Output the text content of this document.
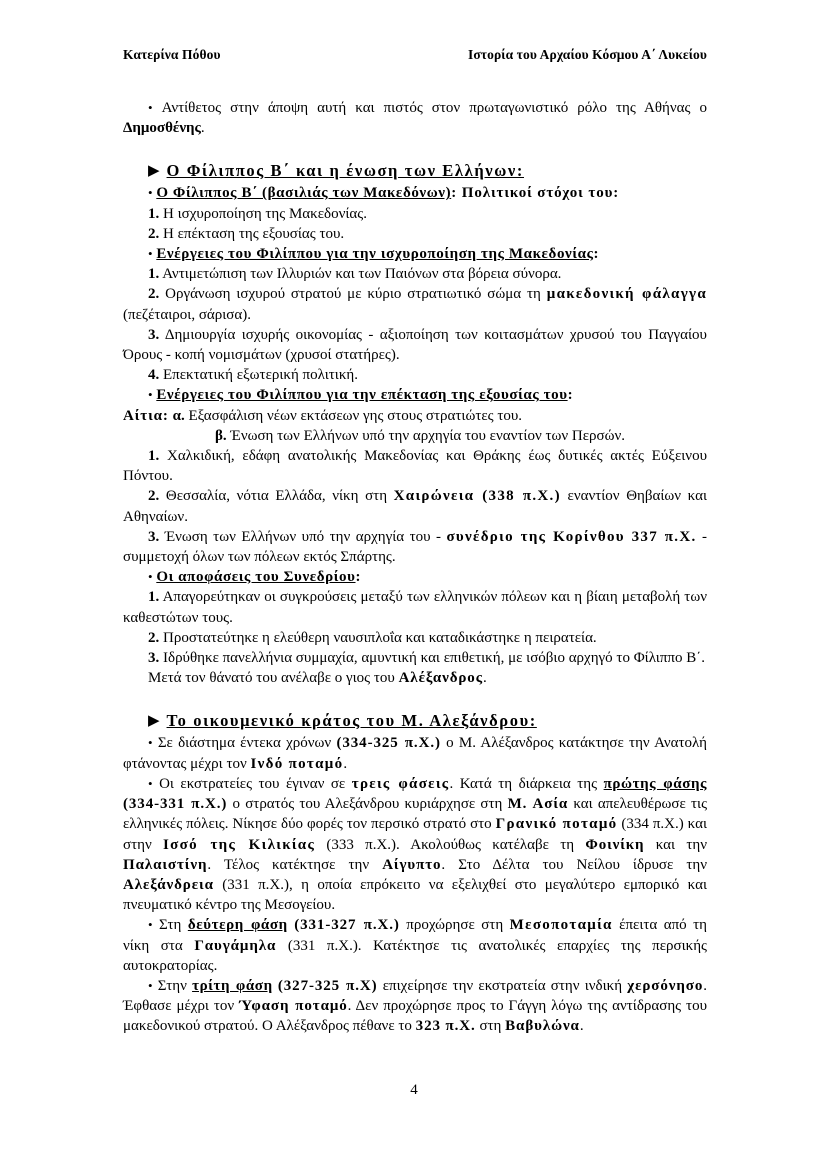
Κατερίνα Πόθου	Ιστορία του Αρχαίου Κόσμου Α΄ Λυκείου

• Αντίθετος στην άποψη αυτή και πιστός στον πρωταγωνιστικό ρόλο της Αθήνας ο Δημοσθένης.

▶ Ο Φίλιππος Β΄ και η ένωση των Ελλήνων:

• Ο Φίλιππος Β΄ (βασιλιάς των Μακεδόνων): Πολιτικοί στόχοι του:

1. Η ισχυροποίηση της Μακεδονίας.

2. Η επέκταση της εξουσίας του.

• Ενέργειες του Φιλίππου για την ισχυροποίηση της Μακεδονίας:

1. Αντιμετώπιση των Ιλλυριών και των Παιόνων στα βόρεια σύνορα.

2. Οργάνωση ισχυρού στρατού με κύριο στρατιωτικό σώμα τη μακεδονική φάλαγγα (πεζέταιροι, σάρισα).

3. Δημιουργία ισχυρής οικονομίας - αξιοποίηση των κοιτασμάτων χρυσού του Παγγαίου Όρους - κοπή νομισμάτων (χρυσοί στατήρες).

4. Επεκτατική εξωτερική πολιτική.

• Ενέργειες του Φιλίππου για την επέκταση της εξουσίας του:

Αίτια: α. Εξασφάλιση νέων εκτάσεων γης στους στρατιώτες του.

β. Ένωση των Ελλήνων υπό την αρχηγία του εναντίον των Περσών.

1. Χαλκιδική, εδάφη ανατολικής Μακεδονίας και Θράκης έως δυτικές ακτές Εύξεινου Πόντου.

2. Θεσσαλία, νότια Ελλάδα, νίκη στη Χαιρώνεια (338 π.Χ.) εναντίον Θηβαίων και Αθηναίων.

3. Ένωση των Ελλήνων υπό την αρχηγία του - συνέδριο της Κορίνθου 337 π.Χ. - συμμετοχή όλων των πόλεων εκτός Σπάρτης.

• Οι αποφάσεις του Συνεδρίου:

1. Απαγορεύτηκαν οι συγκρούσεις μεταξύ των ελληνικών πόλεων και η βίαιη μεταβολή των καθεστώτων τους.

2. Προστατεύτηκε η ελεύθερη ναυσιπλοΐα και καταδικάστηκε η πειρατεία.

3. Ιδρύθηκε πανελλήνια συμμαχία, αμυντική και επιθετική, με ισόβιο αρχηγό το Φίλιππο Β΄.

Μετά τον θάνατό του ανέλαβε ο γιος του Αλέξανδρος.

▶ Το οικουμενικό κράτος του Μ. Αλεξάνδρου:

• Σε διάστημα έντεκα χρόνων (334-325 π.Χ.) ο Μ. Αλέξανδρος κατάκτησε την Ανατολή φτάνοντας μέχρι τον Ινδό ποταμό.

• Οι εκστρατείες του έγιναν σε τρεις φάσεις. Κατά τη διάρκεια της πρώτης φάσης (334-331 π.Χ.) ο στρατός του Αλεξάνδρου κυριάρχησε στη Μ. Ασία και απελευθέρωσε τις ελληνικές πόλεις. Νίκησε δύο φορές τον περσικό στρατό στο Γρανικό ποταμό (334 π.Χ.) και στην Ισσό της Κιλικίας (333 π.Χ.). Ακολούθως κατέλαβε τη Φοινίκη και την Παλαιστίνη. Τέλος κατέκτησε την Αίγυπτο. Στο Δέλτα του Νείλου ίδρυσε την Αλεξάνδρεια (331 π.Χ.), η οποία επρόκειτο να εξελιχθεί στο μεγαλύτερο εμπορικό και πνευματικό κέντρο της Μεσογείου.

• Στη δεύτερη φάση (331-327 π.Χ.) προχώρησε στη Μεσοποταμία έπειτα από τη νίκη στα Γαυγάμηλα (331 π.Χ.). Κατέκτησε τις ανατολικές επαρχίες της περσικής αυτοκρατορίας.

• Στην τρίτη φάση (327-325 π.Χ) επιχείρησε την εκστρατεία στην ινδική χερσόνησο. Έφθασε μέχρι τον Ύφαση ποταμό. Δεν προχώρησε προς το Γάγγη λόγω της αντίδρασης του μακεδονικού στρατού. Ο Αλέξανδρος πέθανε το 323 π.Χ. στη Βαβυλώνα.

4
